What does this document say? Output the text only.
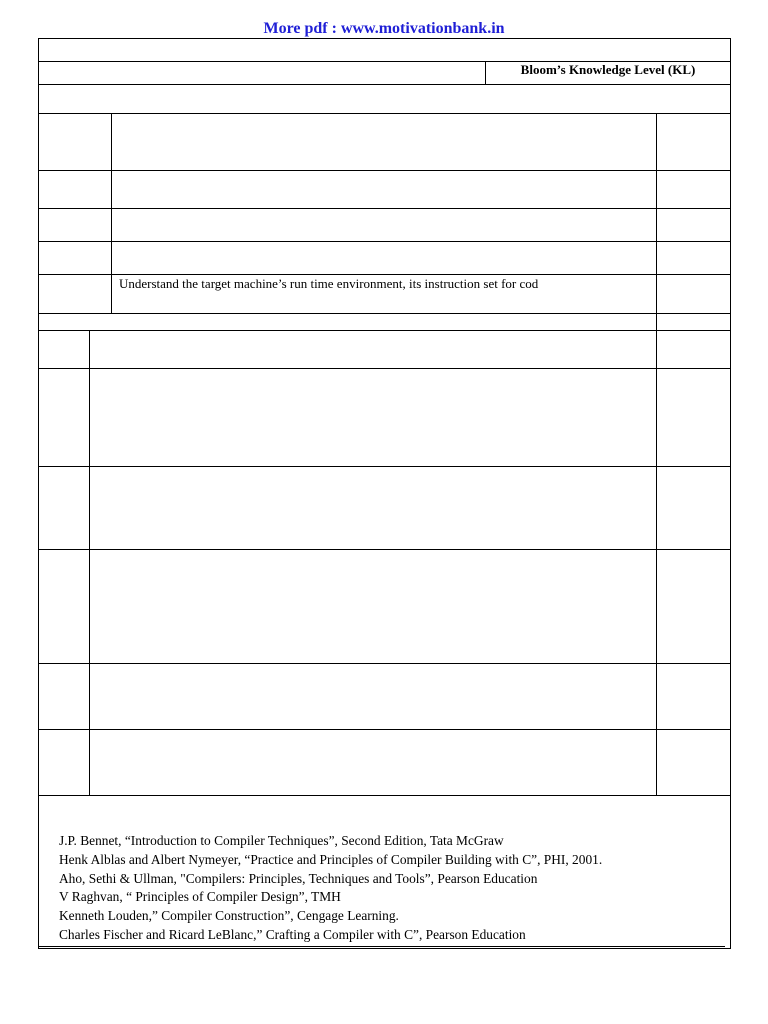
More pdf : www.motivationbank.in
Bloom’s Knowledge Level (KL)
Understand the target machine’s run time environment, its instruction set for cod
J.P. Bennet, “Introduction to Compiler Techniques”, Second Edition, Tata McGraw
Henk Alblas and Albert Nymeyer, “Practice and Principles of Compiler Building with C”, PHI, 2001.
Aho, Sethi & Ullman, "Compilers: Principles, Techniques and Tools”, Pearson Education
V Raghvan, “ Principles of Compiler Design”, TMH
Kenneth Louden,” Compiler Construction”, Cengage Learning.
Charles Fischer and Ricard LeBlanc,” Crafting a Compiler with C”, Pearson Education
